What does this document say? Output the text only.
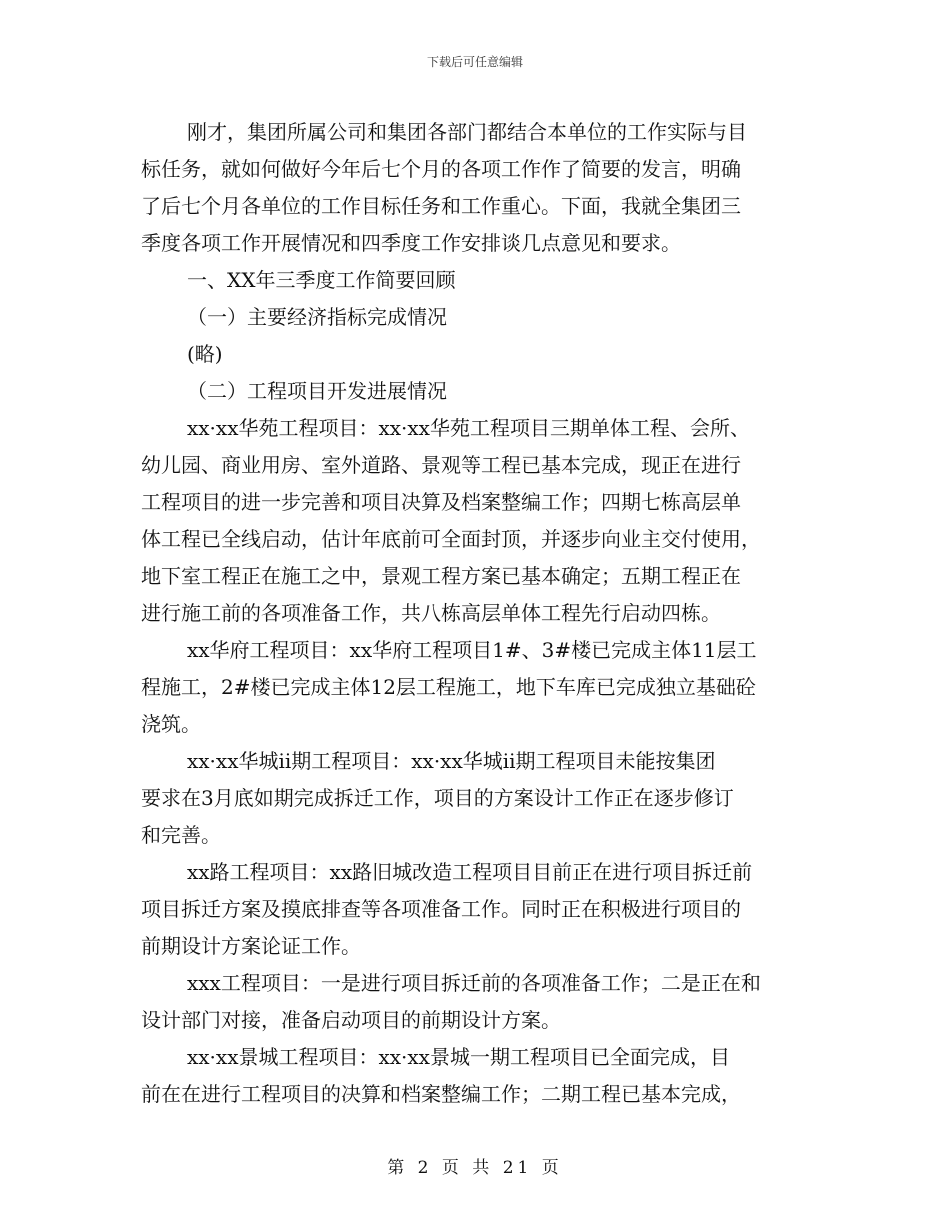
下载后可任意编辑
刚才，集团所属公司和集团各部门都结合本单位的工作实际与目
标任务，就如何做好今年后七个月的各项工作作了简要的发言，明确
了后七个月各单位的工作目标任务和工作重心。下面，我就全集团三
季度各项工作开展情况和四季度工作安排谈几点意见和要求。
一、XX年三季度工作简要回顾
（一）主要经济指标完成情况
(略)
（二）工程项目开发进展情况
xx·xx华苑工程项目：xx·xx华苑工程项目三期单体工程、会所、
幼儿园、商业用房、室外道路、景观等工程已基本完成，现正在进行
工程项目的进一步完善和项目决算及档案整编工作；四期七栋高层单
体工程已全线启动，估计年底前可全面封顶，并逐步向业主交付使用，
地下室工程正在施工之中，景观工程方案已基本确定；五期工程正在
进行施工前的各项准备工作，共八栋高层单体工程先行启动四栋。
xx华府工程项目：xx华府工程项目1#、3#楼已完成主体11层工
程施工，2#楼已完成主体12层工程施工，地下车库已完成独立基础砼
浇筑。
xx·xx华城ii期工程项目：xx·xx华城ii期工程项目未能按集团
要求在3月底如期完成拆迁工作，项目的方案设计工作正在逐步修订
和完善。
xx路工程项目：xx路旧城改造工程项目目前正在进行项目拆迁前
项目拆迁方案及摸底排查等各项准备工作。同时正在积极进行项目的
前期设计方案论证工作。
xxx工程项目：一是进行项目拆迁前的各项准备工作；二是正在和
设计部门对接，准备启动项目的前期设计方案。
xx·xx景城工程项目：xx·xx景城一期工程项目已全面完成，目
前在在进行工程项目的决算和档案整编工作；二期工程已基本完成，
第 2 页 共 21 页
